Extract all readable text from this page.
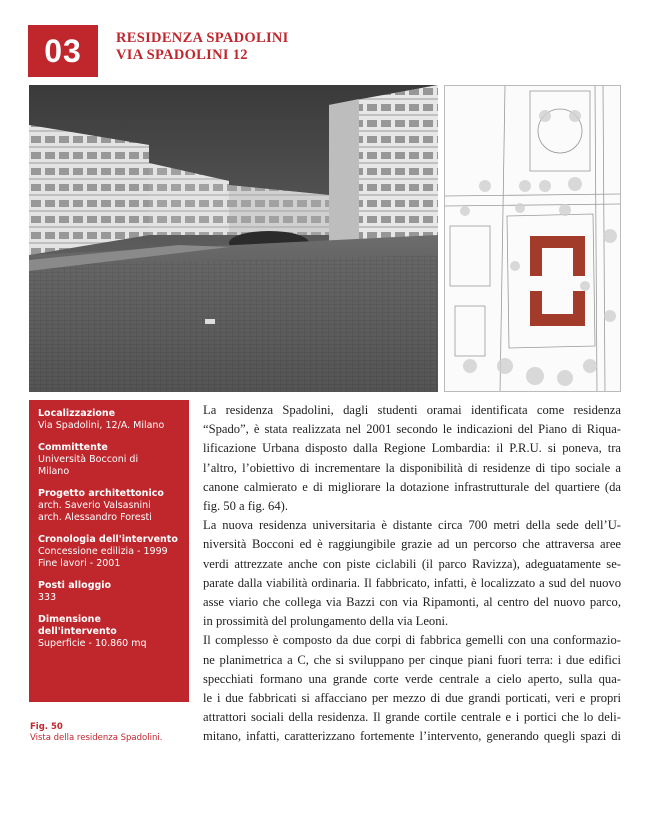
03	RESIDENZA SPADOLINI
VIA SPADOLINI 12
Localizzazione
Via Spadolini, 12/A. Milano
Committente
Università Bocconi di
Milano
Progetto architettonico
arch. Saverio Valsasnini
arch. Alessandro Foresti
Cronologia dell'intervento
Concessione edilizia - 1999
Fine lavori - 2001
Posti alloggio
333
Dimensione
dell'intervento
Superficie - 10.860 mq
Fig. 50
Vista della residenza Spadolini.
La residenza Spadolini, dagli studenti oramai identificata come residenza
“Spado”, è stata realizzata nel 2001 secondo le indicazioni del Piano di Riqua-
lificazione Urbana disposto dalla Regione Lombardia: il P.R.U. si poneva, tra
l’altro, l’obiettivo di incrementare la disponibilità di residenze di tipo sociale a
canone calmierato e di migliorare la dotazione infrastrutturale del quartiere (da
fig. 50 a fig. 64).
La nuova residenza universitaria è distante circa 700 metri della sede dell’U-
niversità Bocconi ed è raggiungibile grazie ad un percorso che attraversa aree
verdi attrezzate anche con piste ciclabili (il parco Ravizza), adeguatamente se-
parate dalla viabilità ordinaria. Il fabbricato, infatti, è localizzato a sud del nuovo
asse viario che collega via Bazzi con via Ripamonti, al centro del nuovo parco,
in prossimità del prolungamento della via Leoni.
Il complesso è composto da due corpi di fabbrica gemelli con una conformazio-
ne planimetrica a C, che si sviluppano per cinque piani fuori terra: i due edifici
specchiati formano una grande corte verde centrale a cielo aperto, sulla qua-
le i due fabbricati si affacciano per mezzo di due grandi porticati, veri e propri
attrattori sociali della residenza. Il grande cortile centrale e i portici che lo deli-
mitano, infatti, caratterizzano fortemente l’intervento, generando quegli spazi di
